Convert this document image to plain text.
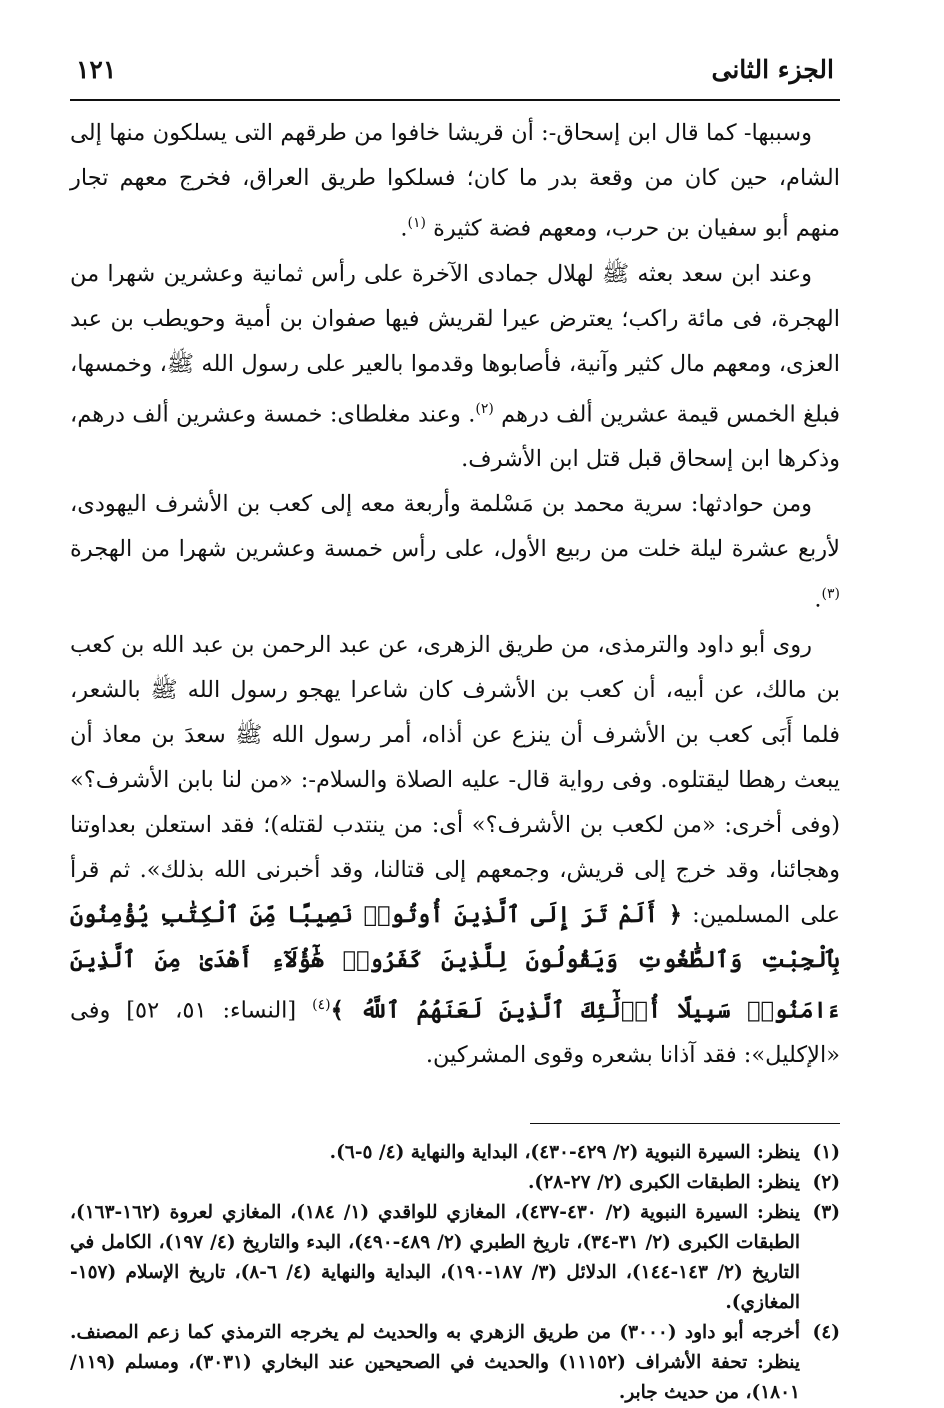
الجزء الثانى
١٢١

وسببها- كما قال ابن إسحاق-: أن قريشا خافوا من طرقهم التى يسلكون منها إلى الشام، حين كان من وقعة بدر ما كان؛ فسلكوا طريق العراق، فخرج معهم تجار منهم أبو سفيان بن حرب، ومعهم فضة كثيرة $^{(١)}$.

وعند ابن سعد بعثه ﷺ لهلال جمادى الآخرة على رأس ثمانية وعشرين شهرا من الهجرة، فى مائة راكب؛ يعترض عيرا لقريش فيها صفوان بن أمية وحويطب بن عبد العزى، ومعهم مال كثير وآنية، فأصابوها وقدموا بالعير على رسول الله ﷺ، وخمسها، فبلغ الخمس قيمة عشرين ألف درهم $^{(٢)}$. وعند مغلطاى: خمسة وعشرين ألف درهم، وذكرها ابن إسحاق قبل قتل ابن الأشرف.

ومن حوادثها: سرية محمد بن مَسْلمة وأربعة معه إلى كعب بن الأشرف اليهودى، لأربع عشرة ليلة خلت من ربيع الأول، على رأس خمسة وعشرين شهرا من الهجرة $^{(٣)}$.

روى أبو داود والترمذى، من طريق الزهرى، عن عبد الرحمن بن عبد الله بن كعب بن مالك، عن أبيه، أن كعب بن الأشرف كان شاعرا يهجو رسول الله ﷺ بالشعر، فلما أَبَى كعب بن الأشرف أن ينزع عن أذاه، أمر رسول الله ﷺ سعدَ بن معاذ أن يبعث رهطا ليقتلوه. وفى رواية قال- عليه الصلاة والسلام-: «من لنا بابن الأشرف؟» (وفى أخرى: «من لكعب بن الأشرف؟» أى: من ينتدب لقتله)؛ فقد استعلن بعداوتنا وهجائنا، وقد خرج إلى قريش، وجمعهم إلى قتالنا، وقد أخبرنى الله بذلك». ثم قرأ على المسلمين: ﴿ أَلَمْ تَرَ إِلَى ٱلَّذِينَ أُوتُوا۟ نَصِيبًا مِّنَ ٱلْكِتَٰبِ يُؤْمِنُونَ بِٱلْجِبْتِ وَٱلطَّٰغُوتِ وَيَقُولُونَ لِلَّذِينَ كَفَرُوا۟ هَٰٓؤُلَآءِ أَهْدَىٰ مِنَ ٱلَّذِينَ ءَامَنُوا۟ سَبِيلًا أُو۟لَٰٓئِكَ ٱلَّذِينَ لَعَنَهُمُ ٱللَّهُ ﴾$^{(٤)}$ [النساء: ٥١، ٥٢] وفى «الإكليل»: فقد آذانا بشعره وقوى المشركين.

(١)
ينظر: السيرة النبوية (٢/ ٤٢٩-٤٣٠)، البداية والنهاية (٤/ ٥-٦).
(٢)
ينظر: الطبقات الكبرى (٢/ ٢٧-٢٨).
(٣)
ينظر: السيرة النبوية (٢/ ٤٣٠-٤٣٧)، المغازي للواقدي (١/ ١٨٤)، المغازي لعروة (١٦٢-١٦٣)، الطبقات الكبرى (٢/ ٣١-٣٤)، تاريخ الطبري (٢/ ٤٨٩-٤٩٠)، البدء والتاريخ (٤/ ١٩٧)، الكامل في التاريخ (٢/ ١٤٣-١٤٤)، الدلائل (٣/ ١٨٧-١٩٠)، البداية والنهاية (٤/ ٦-٨)، تاريخ الإسلام (١٥٧-المغازي).
(٤)
أخرجه أبو داود (٣٠٠٠) من طريق الزهري به والحديث لم يخرجه الترمذي كما زعم المصنف. ينظر: تحفة الأشراف (١١١٥٢) والحديث في الصحيحين عند البخاري (٣٠٣١)، ومسلم (١١٩/ ١٨٠١)، من حديث جابر.
